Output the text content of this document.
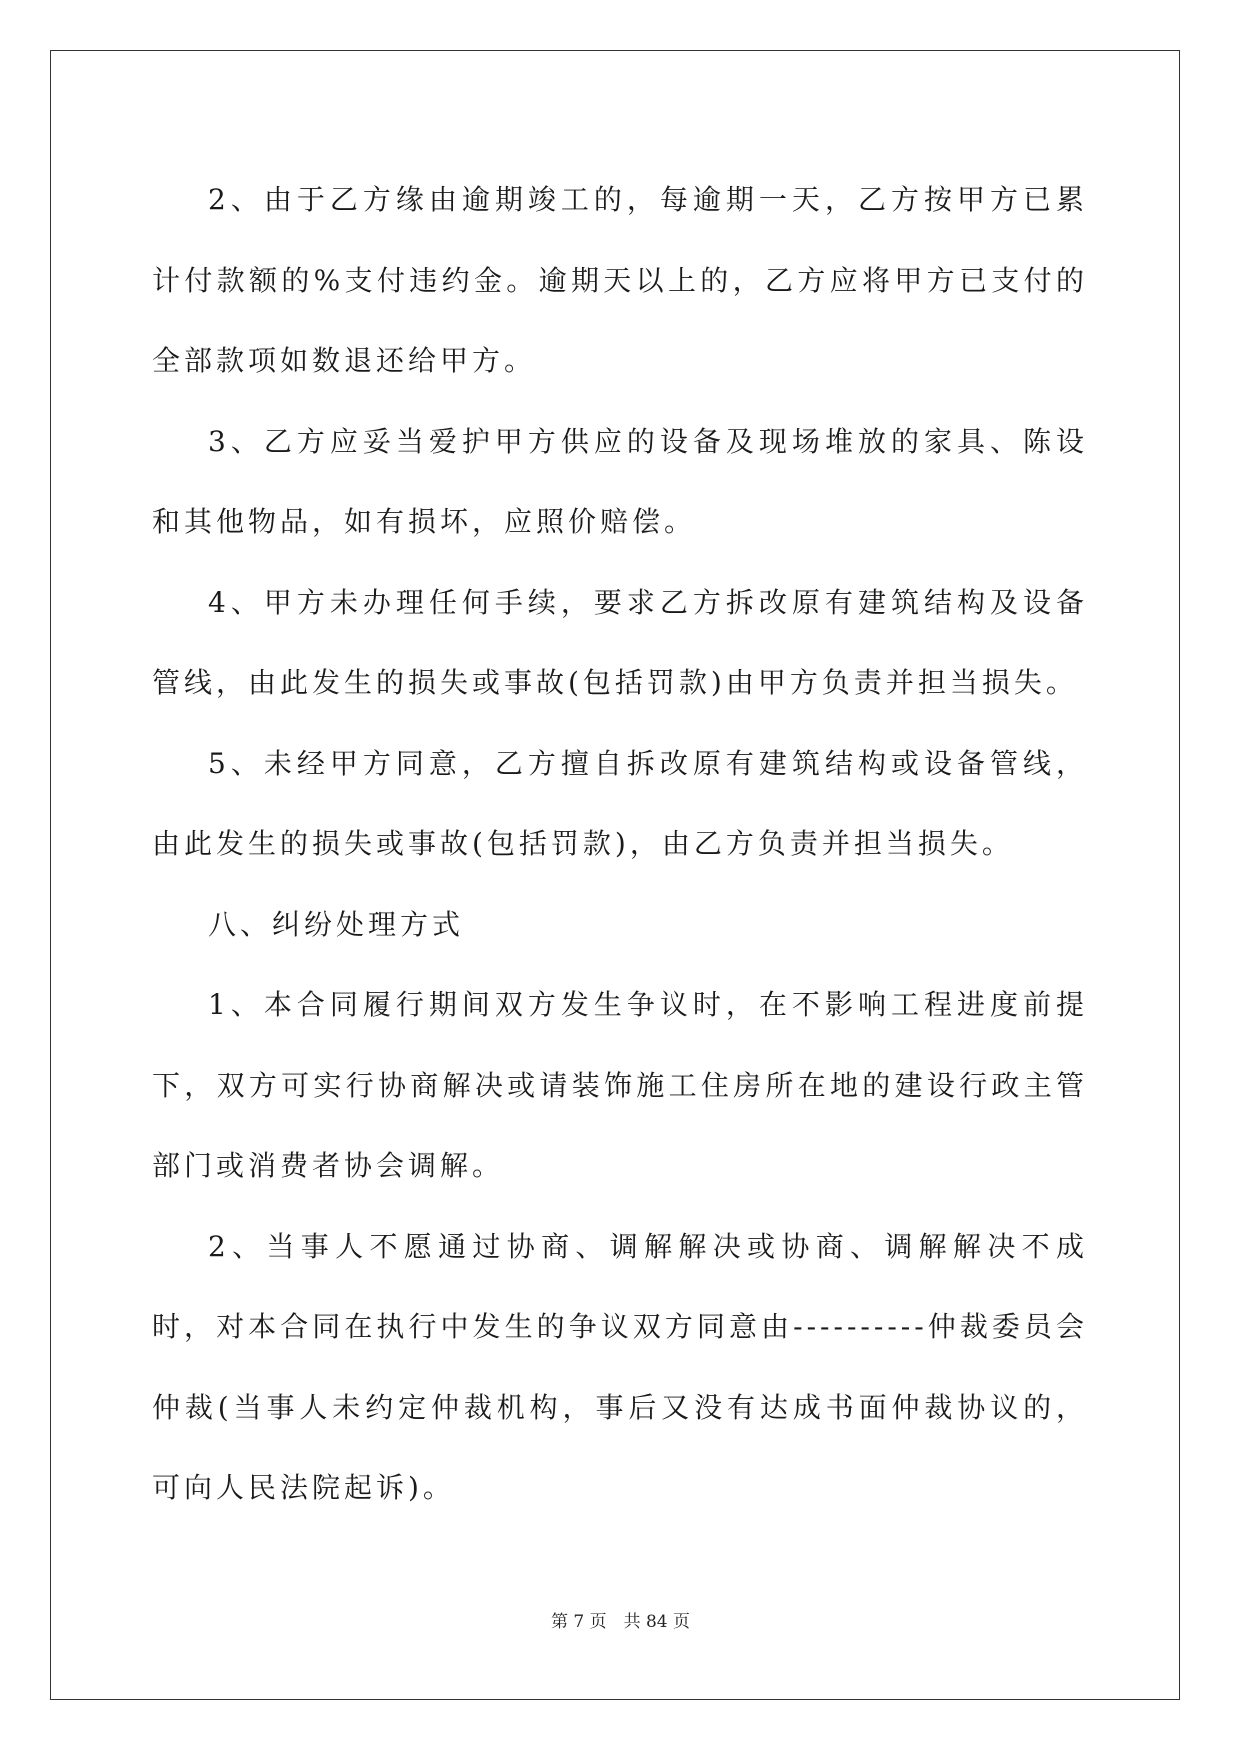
2、由于乙方缘由逾期竣工的，每逾期一天，乙方按甲方已累计付款额的%支付违约金。逾期天以上的，乙方应将甲方已支付的全部款项如数退还给甲方。

3、乙方应妥当爱护甲方供应的设备及现场堆放的家具、陈设和其他物品，如有损坏，应照价赔偿。

4、甲方未办理任何手续，要求乙方拆改原有建筑结构及设备管线，由此发生的损失或事故(包括罚款)由甲方负责并担当损失。

5、未经甲方同意，乙方擅自拆改原有建筑结构或设备管线，由此发生的损失或事故(包括罚款)，由乙方负责并担当损失。

八、纠纷处理方式

1、本合同履行期间双方发生争议时，在不影响工程进度前提下，双方可实行协商解决或请装饰施工住房所在地的建设行政主管部门或消费者协会调解。

2、当事人不愿通过协商、调解解决或协商、调解解决不成时，对本合同在执行中发生的争议双方同意由----------仲裁委员会仲裁(当事人未约定仲裁机构，事后又没有达成书面仲裁协议的，可向人民法院起诉)。

第 7 页　共 84 页
